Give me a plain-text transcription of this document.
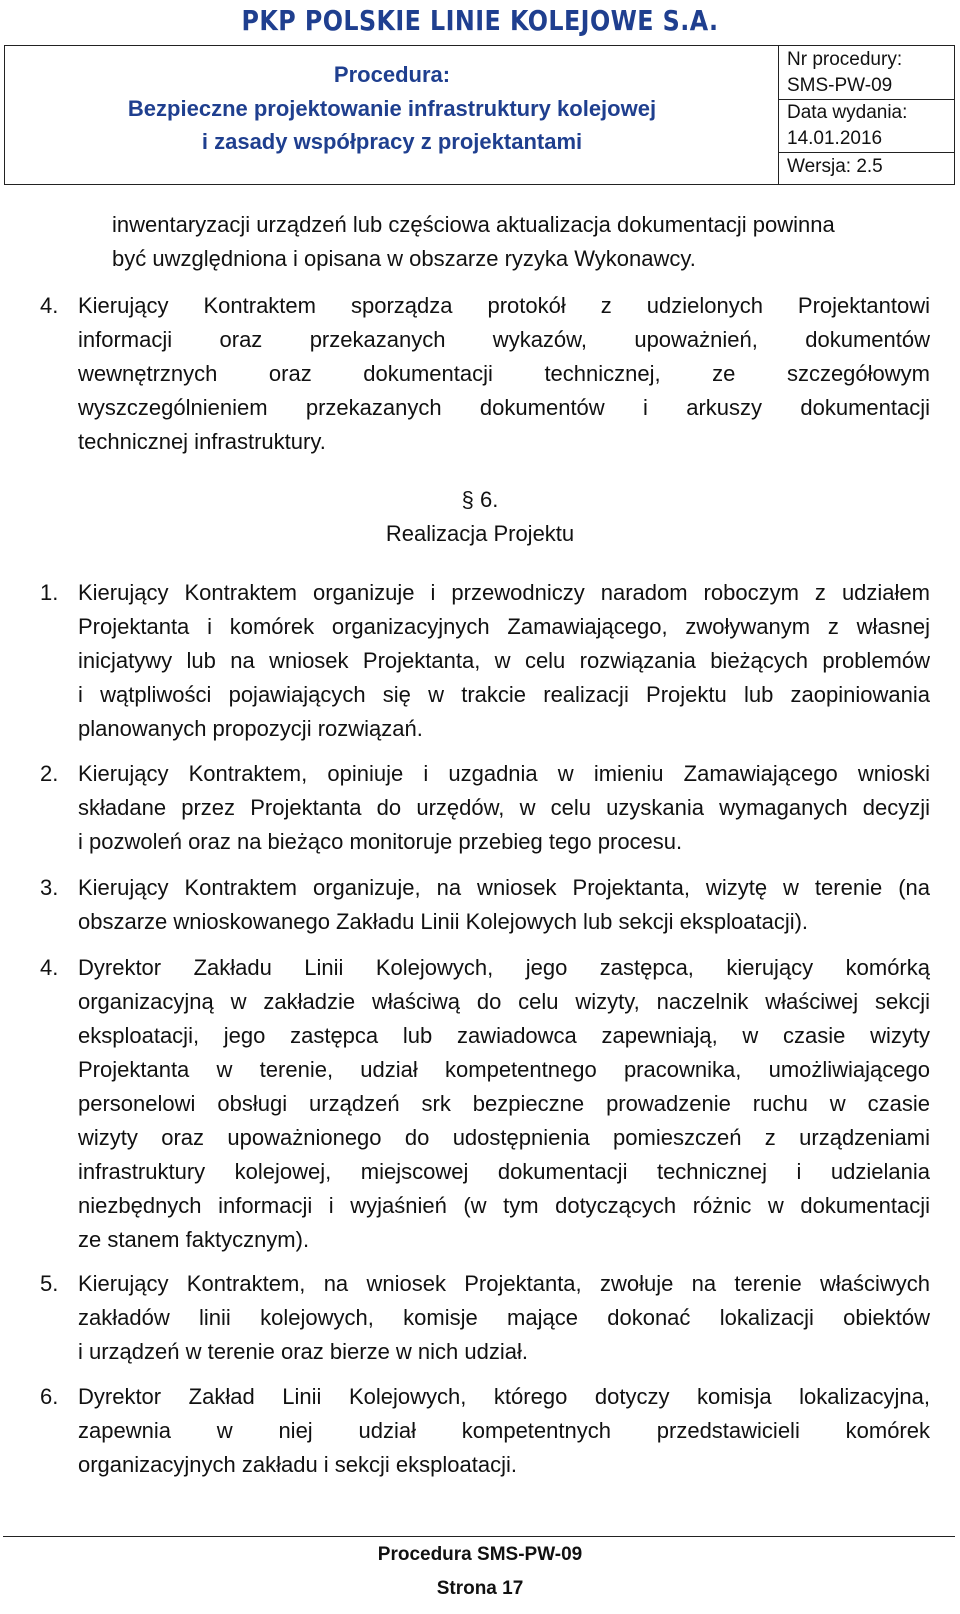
PKP POLSKIE LINIE KOLEJOWE S.A.
Procedura:
Bezpieczne projektowanie infrastruktury kolejowej
i zasady współpracy z projektantami
Nr procedury:
SMS-PW-09
Data wydania:
14.01.2016
Wersja: 2.5
inwentaryzacji urządzeń lub częściowa aktualizacja dokumentacji powinna
być uwzględniona i opisana w obszarze ryzyka Wykonawcy.
4. Kierujący Kontraktem sporządza protokół z udzielonych Projektantowi
informacji oraz przekazanych wykazów, upoważnień, dokumentów
wewnętrznych oraz dokumentacji technicznej, ze szczegółowym
wyszczególnieniem przekazanych dokumentów i arkuszy dokumentacji
technicznej infrastruktury.
§ 6.
Realizacja Projektu
1. Kierujący Kontraktem organizuje i przewodniczy naradom roboczym z udziałem
Projektanta i komórek organizacyjnych Zamawiającego, zwoływanym z własnej
inicjatywy lub na wniosek Projektanta, w celu rozwiązania bieżących problemów
i wątpliwości pojawiających się w trakcie realizacji Projektu lub zaopiniowania
planowanych propozycji rozwiązań.
2. Kierujący Kontraktem, opiniuje i uzgadnia w imieniu Zamawiającego wnioski
składane przez Projektanta do urzędów, w celu uzyskania wymaganych decyzji
i pozwoleń oraz na bieżąco monitoruje przebieg tego procesu.
3. Kierujący Kontraktem organizuje, na wniosek Projektanta, wizytę w terenie (na
obszarze wnioskowanego Zakładu Linii Kolejowych lub sekcji eksploatacji).
4. Dyrektor Zakładu Linii Kolejowych, jego zastępca, kierujący komórką
organizacyjną w zakładzie właściwą do celu wizyty, naczelnik właściwej sekcji
eksploatacji, jego zastępca lub zawiadowca zapewniają, w czasie wizyty
Projektanta w terenie, udział kompetentnego pracownika, umożliwiającego
personelowi obsługi urządzeń srk bezpieczne prowadzenie ruchu w czasie
wizyty oraz upoważnionego do udostępnienia pomieszczeń z urządzeniami
infrastruktury kolejowej, miejscowej dokumentacji technicznej i udzielania
niezbędnych informacji i wyjaśnień (w tym dotyczących różnic w dokumentacji
ze stanem faktycznym).
5. Kierujący Kontraktem, na wniosek Projektanta, zwołuje na terenie właściwych
zakładów linii kolejowych, komisje mające dokonać lokalizacji obiektów
i urządzeń w terenie oraz bierze w nich udział.
6. Dyrektor Zakład Linii Kolejowych, którego dotyczy komisja lokalizacyjna,
zapewnia w niej udział kompetentnych przedstawicieli komórek
organizacyjnych zakładu i sekcji eksploatacji.
Procedura SMS-PW-09
Strona 17
